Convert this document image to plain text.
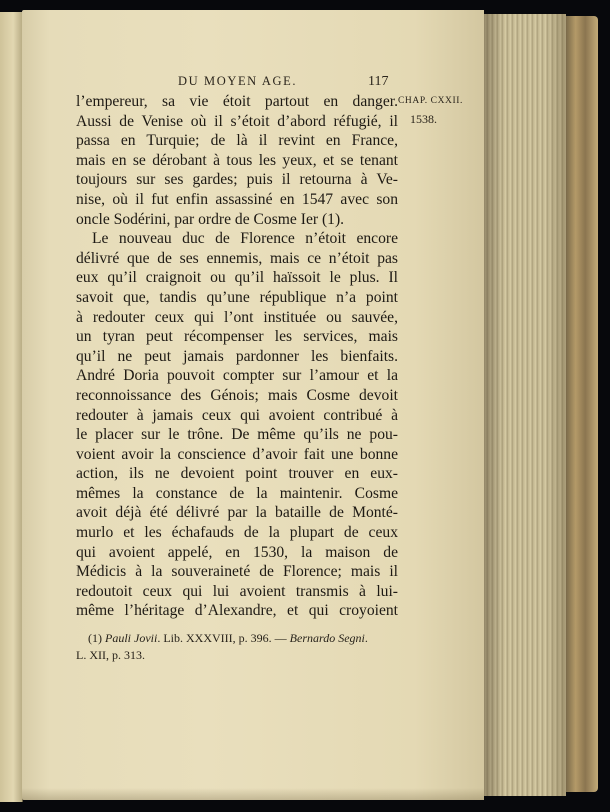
DU MOYEN AGE.	117
CHAP. CXXII.
1538.
l’empereur, sa vie étoit partout en danger.
Aussi de Venise où il s’étoit d’abord réfugié, il
passa en Turquie; de là il revint en France,
mais en se dérobant à tous les yeux, et se tenant
toujours sur ses gardes; puis il retourna à Ve-
nise, où il fut enfin assassiné en 1547 avec son
oncle Sodérini, par ordre de Cosme Ier (1).
Le nouveau duc de Florence n’étoit encore
délivré que de ses ennemis, mais ce n’étoit pas
eux qu’il craignoit ou qu’il haïssoit le plus. Il
savoit que, tandis qu’une république n’a point
à redouter ceux qui l’ont instituée ou sauvée,
un tyran peut récompenser les services, mais
qu’il ne peut jamais pardonner les bienfaits.
André Doria pouvoit compter sur l’amour et la
reconnoissance des Génois; mais Cosme devoit
redouter à jamais ceux qui avoient contribué à
le placer sur le trône. De même qu’ils ne pou-
voient avoir la conscience d’avoir fait une bonne
action, ils ne devoient point trouver en eux-
mêmes la constance de la maintenir. Cosme
avoit déjà été délivré par la bataille de Monté-
murlo et les échafauds de la plupart de ceux
qui avoient appelé, en 1530, la maison de
Médicis à la souveraineté de Florence; mais il
redoutoit ceux qui lui avoient transmis à lui-
même l’héritage d’Alexandre, et qui croyoient
(1) Pauli Jovii. Lib. XXXVIII, p. 396. — Bernardo Segni.
L. XII, p. 313.
